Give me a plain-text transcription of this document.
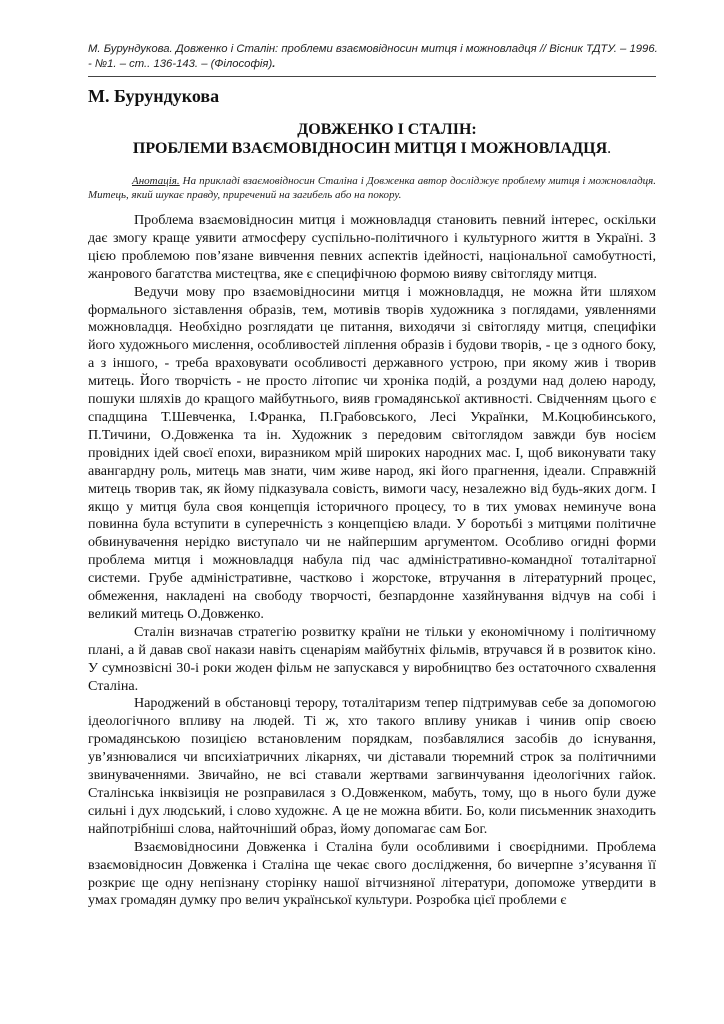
М. Бурундукова. Довженко і Сталін: проблеми взаємовідносин митця і можновладця // Вісник ТДТУ. – 1996. - №1. – ст.. 136-143. – (Філософія).
М. Бурундукова
ДОВЖЕНКО І СТАЛІН:
ПРОБЛЕМИ ВЗАЄМОВІДНОСИН МИТЦЯ І МОЖНОВЛАДЦЯ.
Анотація. На прикладі взаємовідносин Сталіна і Довженка автор досліджує проблему митця і можновладця. Митець, який шукає правду, приречений на загибель або на покору.

Проблема взаємовідносин митця і можновладця становить певний інтерес, оскільки дає змогу краще уявити атмосферу суспільно-політичного і культурного життя в Україні. З цією проблемою пов’язане вивчення певних аспектів ідейності, національної самобутності, жанрового багатства мистецтва, яке є специфічною формою вияву світогляду митця.

Ведучи мову про взаємовідносини митця і можновладця, не можна йти шляхом формального зіставлення образів, тем, мотивів творів художника з поглядами, уявленнями можновладця. Необхідно розглядати це питання, виходячи зі світогляду митця, специфіки його художнього мислення, особливостей ліплення образів і будови творів, - це з одного боку, а з іншого, - треба враховувати особливості державного устрою, при якому жив і творив митець. Його творчість - не просто літопис чи хроніка подій, а роздуми над долею народу, пошуки шляхів до кращого майбутнього, вияв громадянської активності. Свідченням цього є спадщина Т.Шевченка, І.Франка, П.Грабовського, Лесі Українки, М.Коцюбинського, П.Тичини, О.Довженка та ін. Художник з передовим світоглядом завжди був носієм провідних ідей своєї епохи, виразником мрій широких народних мас. І, щоб виконувати таку авангардну роль, митець мав знати, чим живе народ, які його прагнення, ідеали. Справжній митець творив так, як йому підказувала совість, вимоги часу, незалежно від будь-яких догм. І якщо у митця була своя концепція історичного процесу, то в тих умовах неминуче вона повинна була вступити в суперечність з концепцією влади. У боротьбі з митцями політичне обвинувачення нерідко виступало чи не найпершим аргументом. Особливо огидні форми проблема митця і можновладця набула під час адміністративно-командної тоталітарної системи. Грубе адміністративне, частково і жорстоке, втручання в літературний процес, обмеження, накладені на свободу творчості, безпардонне хазяйнування відчув на собі і великий митець О.Довженко.

Сталін визначав стратегію розвитку країни не тільки у економічному і політичному плані, а й давав свої накази навіть сценаріям майбутніх фільмів, втручався й в розвиток кіно. У сумнозвісні 30-і роки жоден фільм не запускався у виробництво без остаточного схвалення Сталіна.

Народжений в обстановці терору, тоталітаризм тепер підтримував себе за допомогою ідеологічного впливу на людей. Ті ж, хто такого впливу уникав і чинив опір своєю громадянською позицією встановленим порядкам, позбавлялися засобів до існування, ув’язнювалися чи впсихіатричних лікарнях, чи діставали тюремний строк за політичними звинуваченнями. Звичайно, не всі ставали жертвами загвинчування ідеологічних гайок. Сталінська інквізиція не розправилася з О.Довженком, мабуть, тому, що в нього були дуже сильні і дух людський, і слово художнє. А це не можна вбити. Бо, коли письменник знаходить найпотрібніші слова, найточніший образ, йому допомагає сам Бог.

Взаємовідносини Довженка і Сталіна були особливими і своєрідними. Проблема взаємовідносин Довженка і Сталіна ще чекає свого дослідження, бо вичерпне з’ясування її розкриє ще одну непізнану сторінку нашої вітчизняної літератури, допоможе утвердити в умах громадян думку про велич української культури. Розробка цієї проблеми є
